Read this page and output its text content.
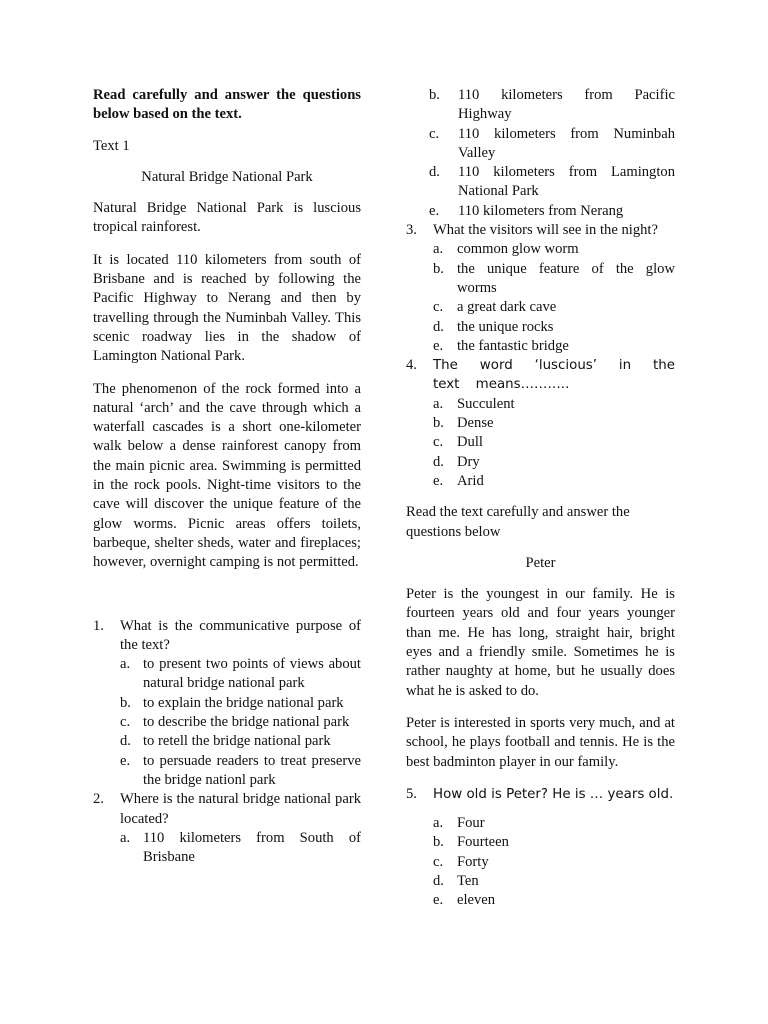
Read carefully and answer the questions below based on the text.

Text 1

Natural Bridge National Park

Natural Bridge National Park is luscious tropical rainforest.

It is located 110 kilometers from south of Brisbane and is reached by following the Pacific Highway to Nerang and then by travelling through the Numinbah Valley. This scenic roadway lies in the shadow of Lamington National Park.

The phenomenon of the rock formed into a natural ‘arch’ and the cave through which a waterfall cascades is a short one-kilometer walk below a dense rainforest canopy from the main picnic area. Swimming is permitted in the rock pools. Night-time visitors to the cave will discover the unique feature of the glow worms. Picnic areas offers toilets, barbeque, shelter sheds, water and fireplaces; however, overnight camping is not permitted.

1.	What is the communicative purpose of the text?
a. to present two points of views about natural bridge national park
b. to explain the bridge national park
c. to describe the bridge national park
d. to retell the bridge national park
e. to persuade readers to treat preserve the bridge nationl park
2.	Where is the natural bridge national park located?
a. 110 kilometers from South of Brisbane
b.	110 kilometers from Pacific Highway
c.	110 kilometers from Numinbah Valley
d.	110 kilometers from Lamington National Park
e.	110 kilometers from Nerang
3.	What the visitors will see in the night?
a. common glow worm
b. the unique feature of the glow worms
c. a great dark cave
d. the unique rocks
e. the fantastic bridge
4.	The word ‘luscious’ in the text means………..
a. Succulent
b. Dense
c. Dull
d. Dry
e. Arid

Read the text carefully and answer the questions below

Peter

Peter is the youngest in our family. He is fourteen years old and four years younger than me. He has long, straight hair, bright eyes and a friendly smile. Sometimes he is rather naughty at home, but he usually does what he is asked to do.

Peter is interested in sports very much, and at school, he plays football and tennis. He is the best badminton player in our family.

5.	How old is Peter? He is … years old.
a. Four
b. Fourteen
c. Forty
d. Ten
e. eleven
